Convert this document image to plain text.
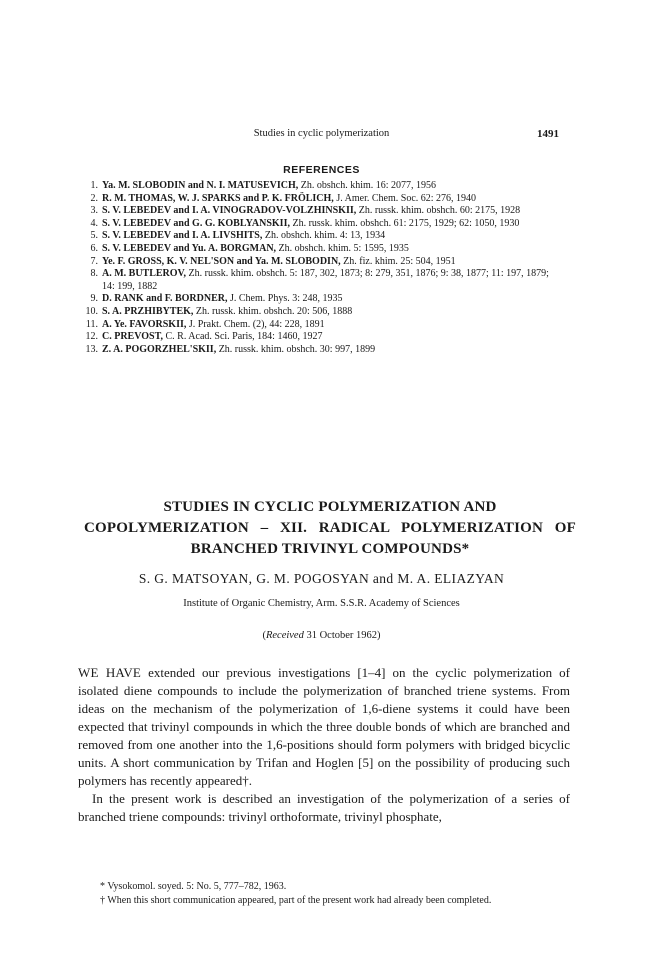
Studies in cyclic polymerization	1491
REFERENCES
1. Ya. M. SLOBODIN and N. I. MATUSEVICH, Zh. obshch. khim. 16: 2077, 1956
2. R. M. THOMAS, W. J. SPARKS and P. K. FRÖLICH, J. Amer. Chem. Soc. 62: 276, 1940
3. S. V. LEBEDEV and I. A. VINOGRADOV-VOLZHINSKII, Zh. russk. khim. obshch. 60: 2175, 1928
4. S. V. LEBEDEV and G. G. KOBLYANSKII, Zh. russk. khim. obshch. 61: 2175, 1929; 62: 1050, 1930
5. S. V. LEBEDEV and I. A. LIVSHITS, Zh. obshch. khim. 4: 13, 1934
6. S. V. LEBEDEV and Yu. A. BORGMAN, Zh. obshch. khim. 5: 1595, 1935
7. Ye. F. GROSS, K. V. NEL'SON and Ya. M. SLOBODIN, Zh. fiz. khim. 25: 504, 1951
8. A. M. BUTLEROV, Zh. russk. khim. obshch. 5: 187, 302, 1873; 8: 279, 351, 1876; 9: 38, 1877; 11: 197, 1879; 14: 199, 1882
9. D. RANK and F. BORDNER, J. Chem. Phys. 3: 248, 1935
10. S. A. PRZHIBYTEK, Zh. russk. khim. obshch. 20: 506, 1888
11. A. Ye. FAVORSKII, J. Prakt. Chem. (2), 44: 228, 1891
12. C. PREVOST, C. R. Acad. Sci. Paris, 184: 1460, 1927
13. Z. A. POGORZHEL'SKII, Zh. russk. khim. obshch. 30: 997, 1899
STUDIES IN CYCLIC POLYMERIZATION AND
COPOLYMERIZATION – XII. RADICAL POLYMERIZATION OF
BRANCHED TRIVINYL COMPOUNDS*
S. G. MATSOYAN, G. M. POGOSYAN and M. A. ELIAZYAN
Institute of Organic Chemistry, Arm. S.S.R. Academy of Sciences
(Received 31 October 1962)

WE HAVE extended our previous investigations [1–4] on the cyclic polymerization of isolated diene compounds to include the polymerization of branched triene systems. From ideas on the mechanism of the polymerization of 1,6-diene systems it could have been expected that trivinyl compounds in which the three double bonds of which are branched and removed from one another into the 1,6-positions should form polymers with bridged bicyclic units. A short communication by Trifan and Hoglen [5] on the possibility of producing such polymers has recently appeared†.

In the present work is described an investigation of the polymerization of a series of branched triene compounds: trivinyl orthoformate, trivinyl phosphate,

* Vysokomol. soyed. 5: No. 5, 777–782, 1963.

† When this short communication appeared, part of the present work had already been completed.
